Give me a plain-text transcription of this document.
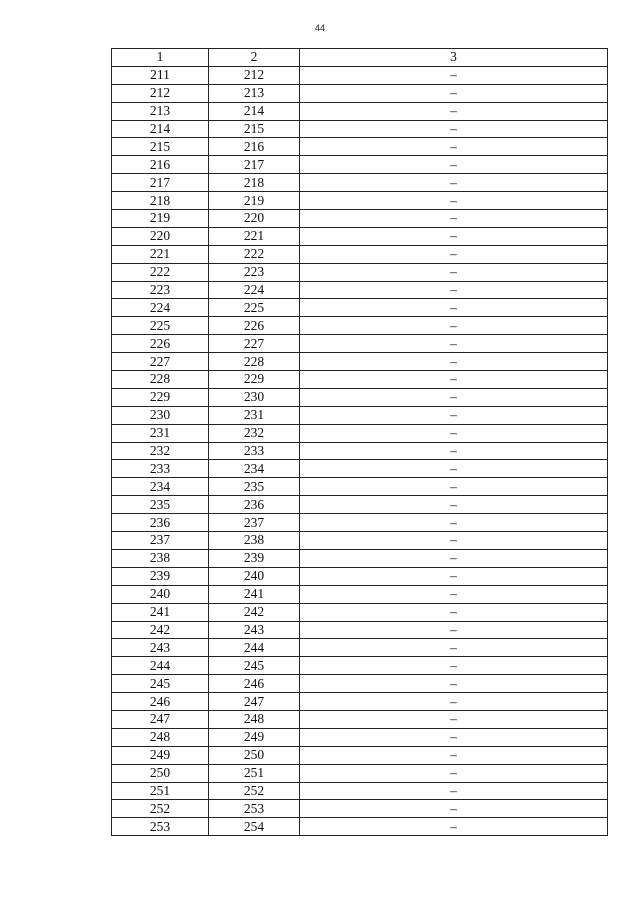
44
1	2	3
211	212	–
212	213	–
213	214	–
214	215	–
215	216	–
216	217	–
217	218	–
218	219	–
219	220	–
220	221	–
221	222	–
222	223	–
223	224	–
224	225	–
225	226	–
226	227	–
227	228	–
228	229	–
229	230	–
230	231	–
231	232	–
232	233	–
233	234	–
234	235	–
235	236	–
236	237	–
237	238	–
238	239	–
239	240	–
240	241	–
241	242	–
242	243	–
243	244	–
244	245	–
245	246	–
246	247	–
247	248	–
248	249	–
249	250	–
250	251	–
251	252	–
252	253	–
253	254	–
